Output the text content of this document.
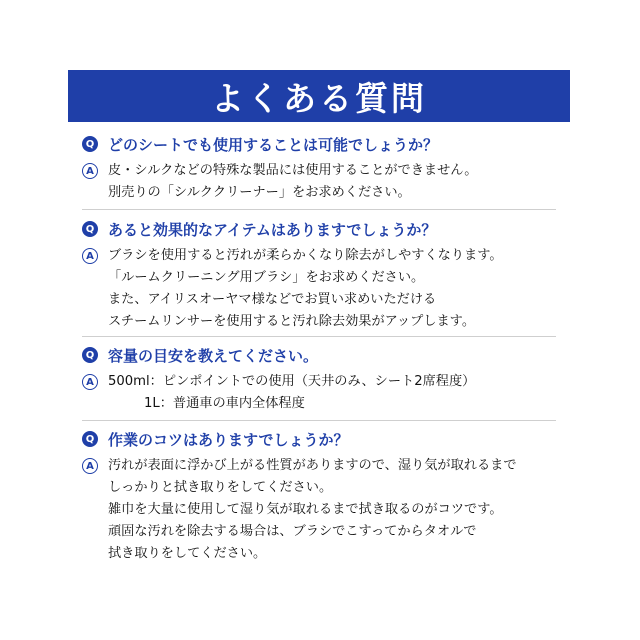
よくある質問
Q どのシートでも使用することは可能でしょうか？
A	皮・シルクなどの特殊な製品には使用することができません。
別売りの「シルククリーナー」をお求めください。
Q あると効果的なアイテムはありますでしょうか？
A	ブラシを使用すると汚れが柔らかくなり除去がしやすくなります。
「ルームクリーニング用ブラシ」をお求めください。
また、アイリスオーヤマ様などでお買い求めいただける
スチームリンサーを使用すると汚れ除去効果がアップします。
Q 容量の目安を教えてください。
A	500ml：ピンポイントでの使用（天井のみ、シート2席程度）
1L：普通車の車内全体程度
Q 作業のコツはありますでしょうか？
A	汚れが表面に浮かび上がる性質がありますので、湿り気が取れるまで
しっかりと拭き取りをしてください。
雑巾を大量に使用して湿り気が取れるまで拭き取るのがコツです。
頑固な汚れを除去する場合は、ブラシでこすってからタオルで
拭き取りをしてください。
